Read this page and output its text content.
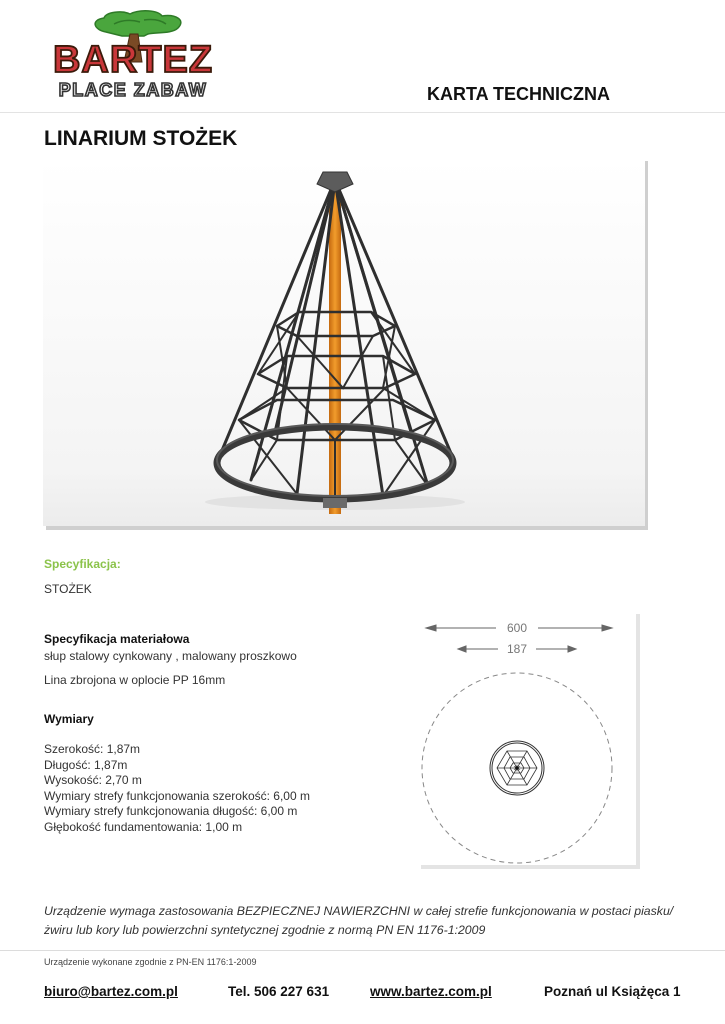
BARTEZ
PLACE ZABAW	KARTA TECHNICZNA
LINARIUM STOŻEK
Specyfikacja:
STOŻEK
Specyfikacja materiałowa
słup stalowy cynkowany , malowany proszkowo
Lina zbrojona w oplocie PP 16mm
Wymiary
Szerokość: 1,87m
Długość: 1,87m
Wysokość: 2,70 m
Wymiary strefy funkcjonowania szerokość: 6,00 m
Wymiary strefy funkcjonowania długość: 6,00 m
Głębokość fundamentowania: 1,00 m
600
187
✶
Urządzenie wymaga zastosowania BEZPIECZNEJ NAWIERZCHNI w całej strefie funkcjonowania w postaci piasku/żwiru lub kory lub powierzchni syntetycznej zgodnie z normą PN EN 1176-1:2009
Urządzenie wykonane zgodnie z PN-EN 1176:1-2009
biuro@bartez.com.pl	Tel. 506 227 631	www.bartez.com.pl	Poznań ul Książęca 1
